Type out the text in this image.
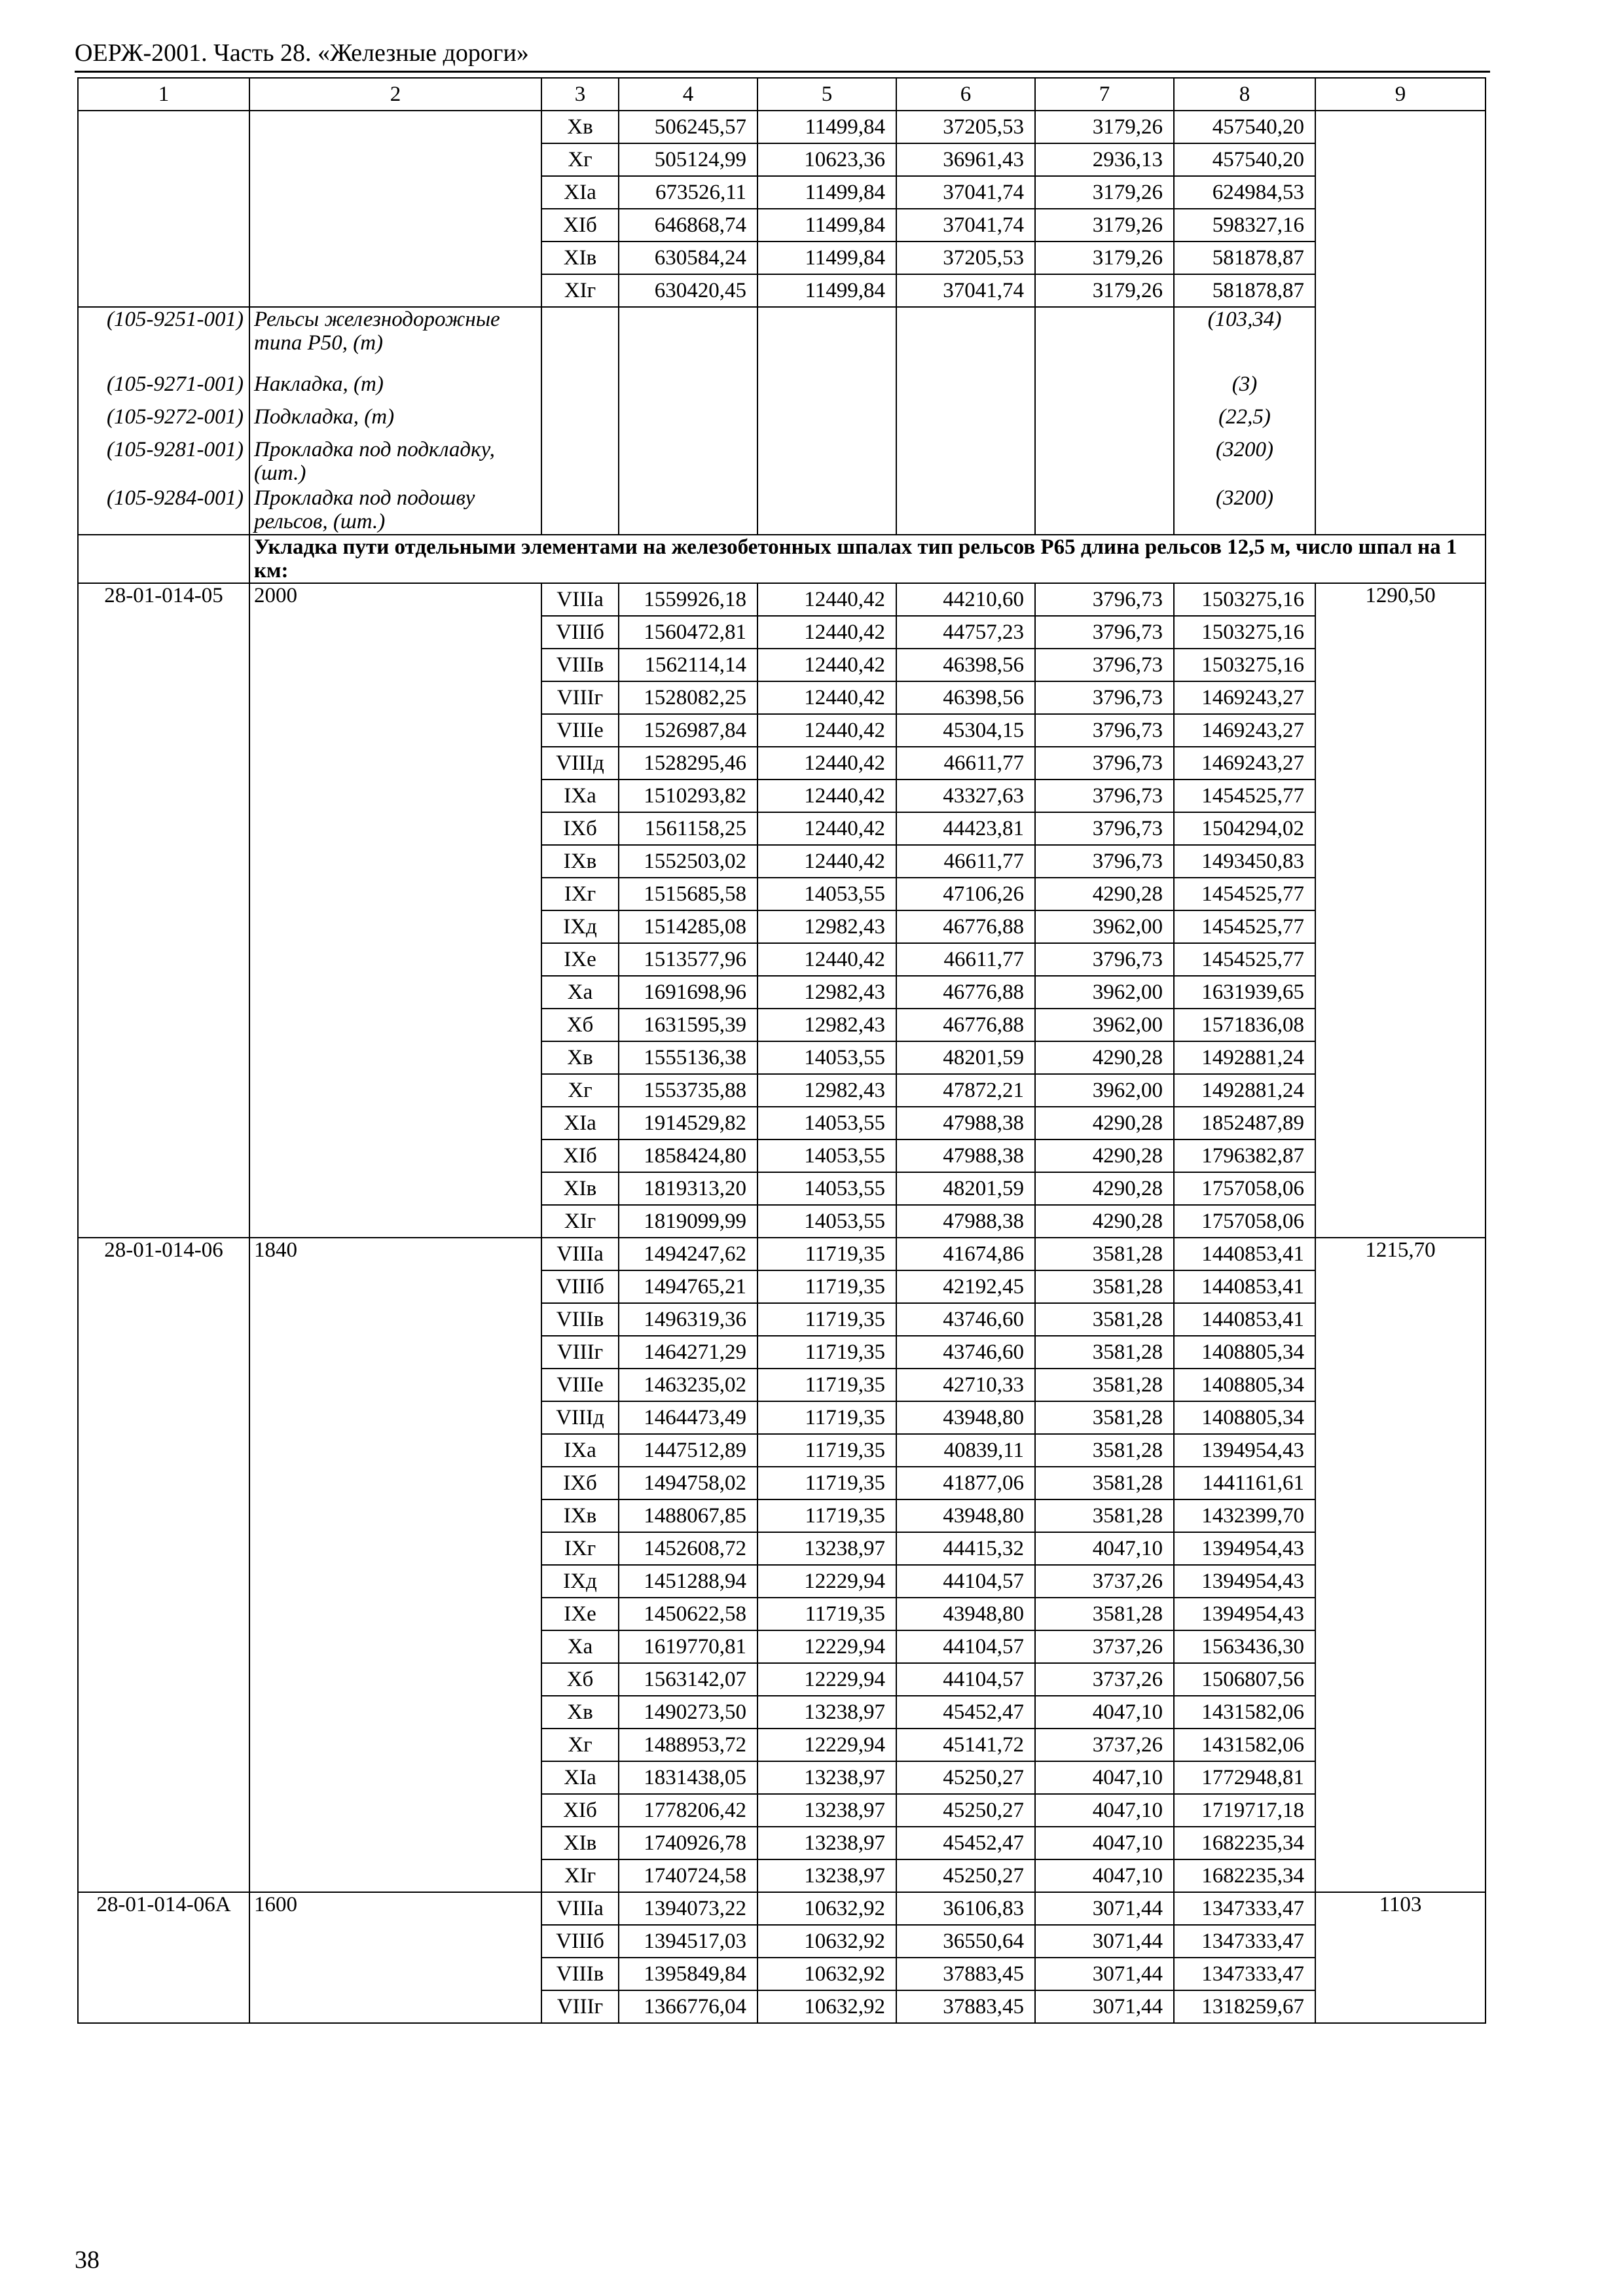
ОЕРЖ-2001. Часть 28. «Железные дороги»
1	2	3	4	5	6	7	8	9
		Хв	506245,57	11499,84	37205,53	3179,26	457540,20	
		Хг	505124,99	10623,36	36961,43	2936,13	457540,20	
		ХIа	673526,11	11499,84	37041,74	3179,26	624984,53	
		ХIб	646868,74	11499,84	37041,74	3179,26	598327,16	
		ХIв	630584,24	11499,84	37205,53	3179,26	581878,87	
		ХIг	630420,45	11499,84	37041,74	3179,26	581878,87	
(105-9251-001)	Рельсы железнодорожные типа Р50, (т)						(103,34)	
(105-9271-001)	Накладка, (т)						(3)	
(105-9272-001)	Подкладка, (т)						(22,5)	
(105-9281-001)	Прокладка под подкладку, (шт.)						(3200)	
(105-9284-001)	Прокладка под подошву рельсов, (шт.)						(3200)	
	Укладка пути отдельными элементами на железобетонных шпалах тип рельсов Р65 длина рельсов 12,5 м, число шпал на 1 км:							
28-01-014-05	2000	VIIIа	1559926,18	12440,42	44210,60	3796,73	1503275,16	1290,50
		VIIIб	1560472,81	12440,42	44757,23	3796,73	1503275,16	
		VIIIв	1562114,14	12440,42	46398,56	3796,73	1503275,16	
		VIIIг	1528082,25	12440,42	46398,56	3796,73	1469243,27	
		VIIIе	1526987,84	12440,42	45304,15	3796,73	1469243,27	
		VIIIд	1528295,46	12440,42	46611,77	3796,73	1469243,27	
		IXа	1510293,82	12440,42	43327,63	3796,73	1454525,77	
		IXб	1561158,25	12440,42	44423,81	3796,73	1504294,02	
		IXв	1552503,02	12440,42	46611,77	3796,73	1493450,83	
		IXг	1515685,58	14053,55	47106,26	4290,28	1454525,77	
		IXд	1514285,08	12982,43	46776,88	3962,00	1454525,77	
		IXе	1513577,96	12440,42	46611,77	3796,73	1454525,77	
		Ха	1691698,96	12982,43	46776,88	3962,00	1631939,65	
		Хб	1631595,39	12982,43	46776,88	3962,00	1571836,08	
		Хв	1555136,38	14053,55	48201,59	4290,28	1492881,24	
		Хг	1553735,88	12982,43	47872,21	3962,00	1492881,24	
		ХIа	1914529,82	14053,55	47988,38	4290,28	1852487,89	
		ХIб	1858424,80	14053,55	47988,38	4290,28	1796382,87	
		ХIв	1819313,20	14053,55	48201,59	4290,28	1757058,06	
		ХIг	1819099,99	14053,55	47988,38	4290,28	1757058,06	
28-01-014-06	1840	VIIIа	1494247,62	11719,35	41674,86	3581,28	1440853,41	1215,70
		VIIIб	1494765,21	11719,35	42192,45	3581,28	1440853,41	
		VIIIв	1496319,36	11719,35	43746,60	3581,28	1440853,41	
		VIIIг	1464271,29	11719,35	43746,60	3581,28	1408805,34	
		VIIIе	1463235,02	11719,35	42710,33	3581,28	1408805,34	
		VIIIд	1464473,49	11719,35	43948,80	3581,28	1408805,34	
		IXа	1447512,89	11719,35	40839,11	3581,28	1394954,43	
		IXб	1494758,02	11719,35	41877,06	3581,28	1441161,61	
		IXв	1488067,85	11719,35	43948,80	3581,28	1432399,70	
		IXг	1452608,72	13238,97	44415,32	4047,10	1394954,43	
		IXд	1451288,94	12229,94	44104,57	3737,26	1394954,43	
		IXе	1450622,58	11719,35	43948,80	3581,28	1394954,43	
		Ха	1619770,81	12229,94	44104,57	3737,26	1563436,30	
		Хб	1563142,07	12229,94	44104,57	3737,26	1506807,56	
		Хв	1490273,50	13238,97	45452,47	4047,10	1431582,06	
		Хг	1488953,72	12229,94	45141,72	3737,26	1431582,06	
		ХIа	1831438,05	13238,97	45250,27	4047,10	1772948,81	
		ХIб	1778206,42	13238,97	45250,27	4047,10	1719717,18	
		ХIв	1740926,78	13238,97	45452,47	4047,10	1682235,34	
		ХIг	1740724,58	13238,97	45250,27	4047,10	1682235,34	
28-01-014-06А	1600	VIIIа	1394073,22	10632,92	36106,83	3071,44	1347333,47	1103
		VIIIб	1394517,03	10632,92	36550,64	3071,44	1347333,47	
		VIIIв	1395849,84	10632,92	37883,45	3071,44	1347333,47	
		VIIIг	1366776,04	10632,92	37883,45	3071,44	1318259,67	
38
